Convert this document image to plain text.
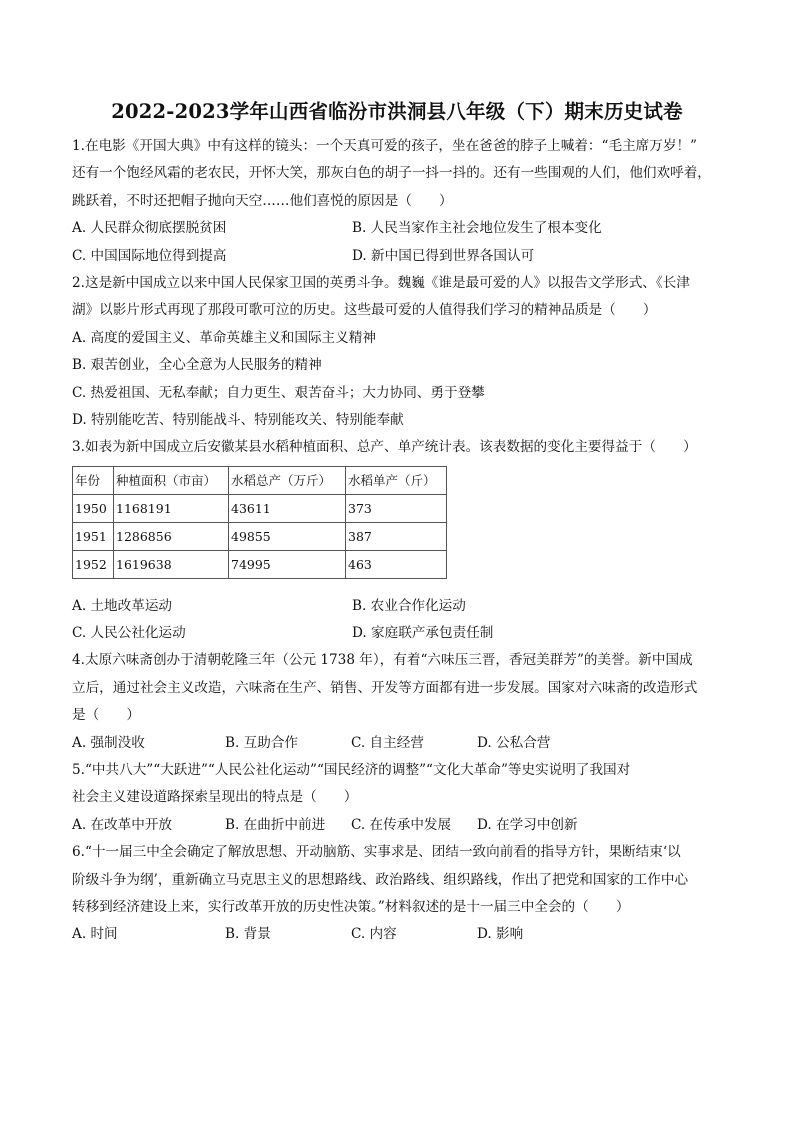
2022-2023学年山西省临汾市洪洞县八年级（下）期末历史试卷
1.在电影《开国大典》中有这样的镜头：一个天真可爱的孩子，坐在爸爸的脖子上喊着：“毛主席万岁！”
还有一个饱经风霜的老农民，开怀大笑，那灰白色的胡子一抖一抖的。还有一些围观的人们，他们欢呼着，
跳跃着，不时还把帽子抛向天空……他们喜悦的原因是（　　）
A. 人民群众彻底摆脱贫困	B. 人民当家作主社会地位发生了根本变化
C. 中国国际地位得到提高	D. 新中国已得到世界各国认可
2.这是新中国成立以来中国人民保家卫国的英勇斗争。魏巍《谁是最可爱的人》以报告文学形式、《长津
湖》以影片形式再现了那段可歌可泣的历史。这些最可爱的人值得我们学习的精神品质是（　　）
A. 高度的爱国主义、革命英雄主义和国际主义精神
B. 艰苦创业，全心全意为人民服务的精神
C. 热爱祖国、无私奉献；自力更生、艰苦奋斗；大力协同、勇于登攀
D. 特别能吃苦、特别能战斗、特别能攻关、特别能奉献
3.如表为新中国成立后安徽某县水稻种植面积、总产、单产统计表。该表数据的变化主要得益于（　　）
年份	种植面积（市亩）	水稻总产（万斤）	水稻单产（斤）
1950	1168191	43611	373
1951	1286856	49855	387
1952	1619638	74995	463
A. 土地改革运动	B. 农业合作化运动
C. 人民公社化运动	D. 家庭联产承包责任制
4.太原六味斋创办于清朝乾隆三年（公元 1738 年），有着“六味压三晋，香冠美群芳”的美誉。新中国成
立后，通过社会主义改造，六味斋在生产、销售、开发等方面都有进一步发展。国家对六味斋的改造形式
是（　　）
A. 强制没收	B. 互助合作	C. 自主经营	D. 公私合营
5.“中共八大”“大跃进”“人民公社化运动”“国民经济的调整”“文化大革命”等史实说明了我国对
社会主义建设道路探索呈现出的特点是（　　）
A. 在改革中开放	B. 在曲折中前进 C. 在传承中发展 D. 在学习中创新
6.“十一届三中全会确定了解放思想、开动脑筋、实事求是、团结一致向前看的指导方针，果断结束‘以
阶级斗争为纲’，重新确立马克思主义的思想路线、政治路线、组织路线，作出了把党和国家的工作中心
转移到经济建设上来，实行改革开放的历史性决策。”材料叙述的是十一届三中全会的（　　）
A. 时间	B. 背景	C. 内容	D. 影响
